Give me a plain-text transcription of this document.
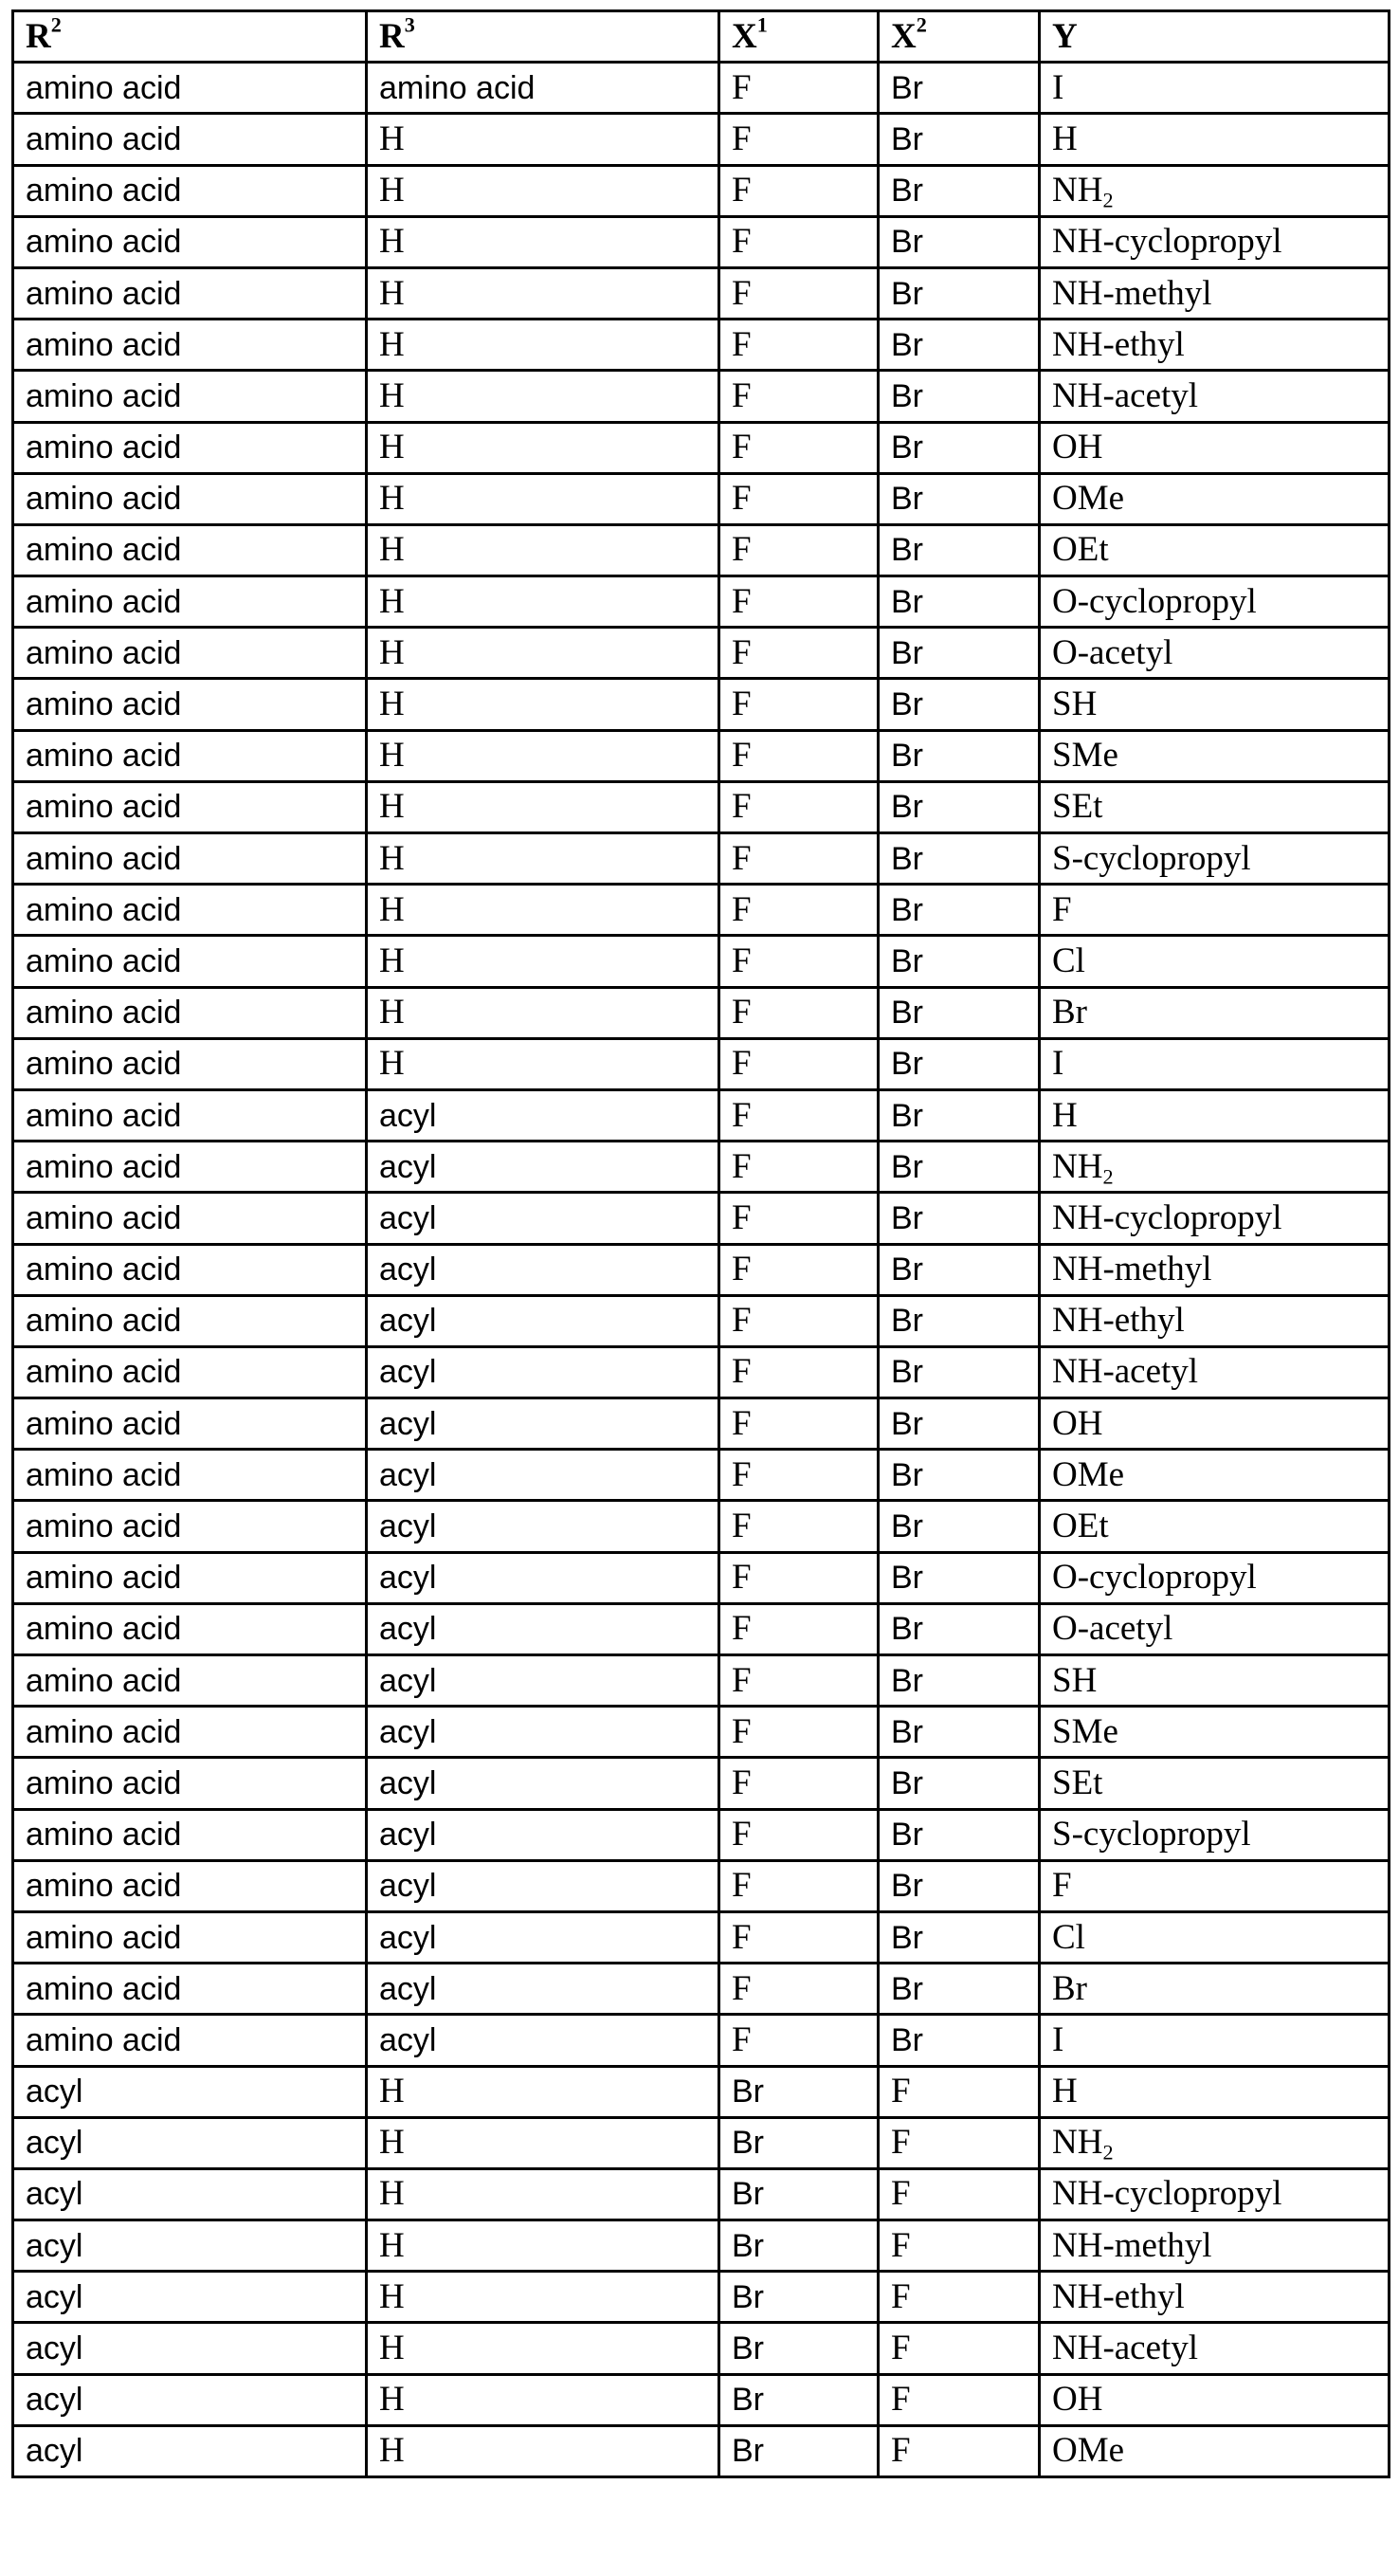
$R^2$	$R^3$	$X^1$	$X^2$	Y
amino acid	amino acid	F	Br	I
amino acid	H	F	Br	H
amino acid	H	F	Br	$NH_2$
amino acid	H	F	Br	NH-cyclopropyl
amino acid	H	F	Br	NH-methyl
amino acid	H	F	Br	NH-ethyl
amino acid	H	F	Br	NH-acetyl
amino acid	H	F	Br	OH
amino acid	H	F	Br	OMe
amino acid	H	F	Br	OEt
amino acid	H	F	Br	O-cyclopropyl
amino acid	H	F	Br	O-acetyl
amino acid	H	F	Br	SH
amino acid	H	F	Br	SMe
amino acid	H	F	Br	SEt
amino acid	H	F	Br	S-cyclopropyl
amino acid	H	F	Br	F
amino acid	H	F	Br	Cl
amino acid	H	F	Br	Br
amino acid	H	F	Br	I
amino acid	acyl	F	Br	H
amino acid	acyl	F	Br	$NH_2$
amino acid	acyl	F	Br	NH-cyclopropyl
amino acid	acyl	F	Br	NH-methyl
amino acid	acyl	F	Br	NH-ethyl
amino acid	acyl	F	Br	NH-acetyl
amino acid	acyl	F	Br	OH
amino acid	acyl	F	Br	OMe
amino acid	acyl	F	Br	OEt
amino acid	acyl	F	Br	O-cyclopropyl
amino acid	acyl	F	Br	O-acetyl
amino acid	acyl	F	Br	SH
amino acid	acyl	F	Br	SMe
amino acid	acyl	F	Br	SEt
amino acid	acyl	F	Br	S-cyclopropyl
amino acid	acyl	F	Br	F
amino acid	acyl	F	Br	Cl
amino acid	acyl	F	Br	Br
amino acid	acyl	F	Br	I
acyl	H	Br	F	H
acyl	H	Br	F	$NH_2$
acyl	H	Br	F	NH-cyclopropyl
acyl	H	Br	F	NH-methyl
acyl	H	Br	F	NH-ethyl
acyl	H	Br	F	NH-acetyl
acyl	H	Br	F	OH
acyl	H	Br	F	OMe
